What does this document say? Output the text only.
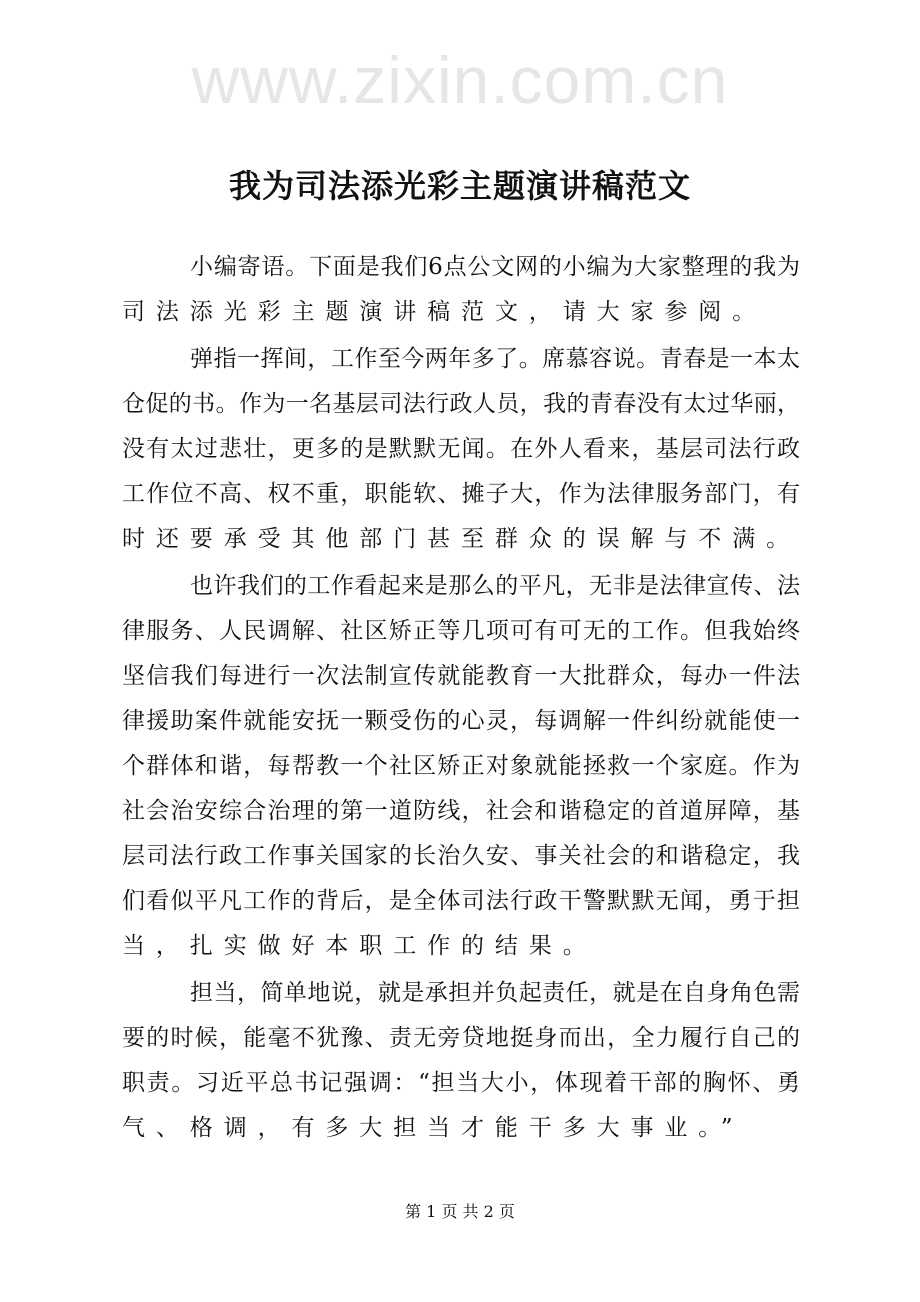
www.zixin.com.cn
我为司法添光彩主题演讲稿范文
小编寄语。下面是我们6点公文网的小编为大家整理的我为
司法添光彩主题演讲稿范文，请大家参阅。
弹指一挥间，工作至今两年多了。席慕容说。青春是一本太
仓促的书。作为一名基层司法行政人员，我的青春没有太过华丽，
没有太过悲壮，更多的是默默无闻。在外人看来，基层司法行政
工作位不高、权不重，职能软、摊子大，作为法律服务部门，有
时还要承受其他部门甚至群众的误解与不满。
也许我们的工作看起来是那么的平凡，无非是法律宣传、法
律服务、人民调解、社区矫正等几项可有可无的工作。但我始终
坚信我们每进行一次法制宣传就能教育一大批群众，每办一件法
律援助案件就能安抚一颗受伤的心灵，每调解一件纠纷就能使一
个群体和谐，每帮教一个社区矫正对象就能拯救一个家庭。作为
社会治安综合治理的第一道防线，社会和谐稳定的首道屏障，基
层司法行政工作事关国家的长治久安、事关社会的和谐稳定，我
们看似平凡工作的背后，是全体司法行政干警默默无闻，勇于担
当，扎实做好本职工作的结果。
担当，简单地说，就是承担并负起责任，就是在自身角色需
要的时候，能毫不犹豫、责无旁贷地挺身而出，全力履行自己的
职责。习近平总书记强调：“担当大小，体现着干部的胸怀、勇
气、格调，有多大担当才能干多大事业。”
第 1 页 共 2 页
